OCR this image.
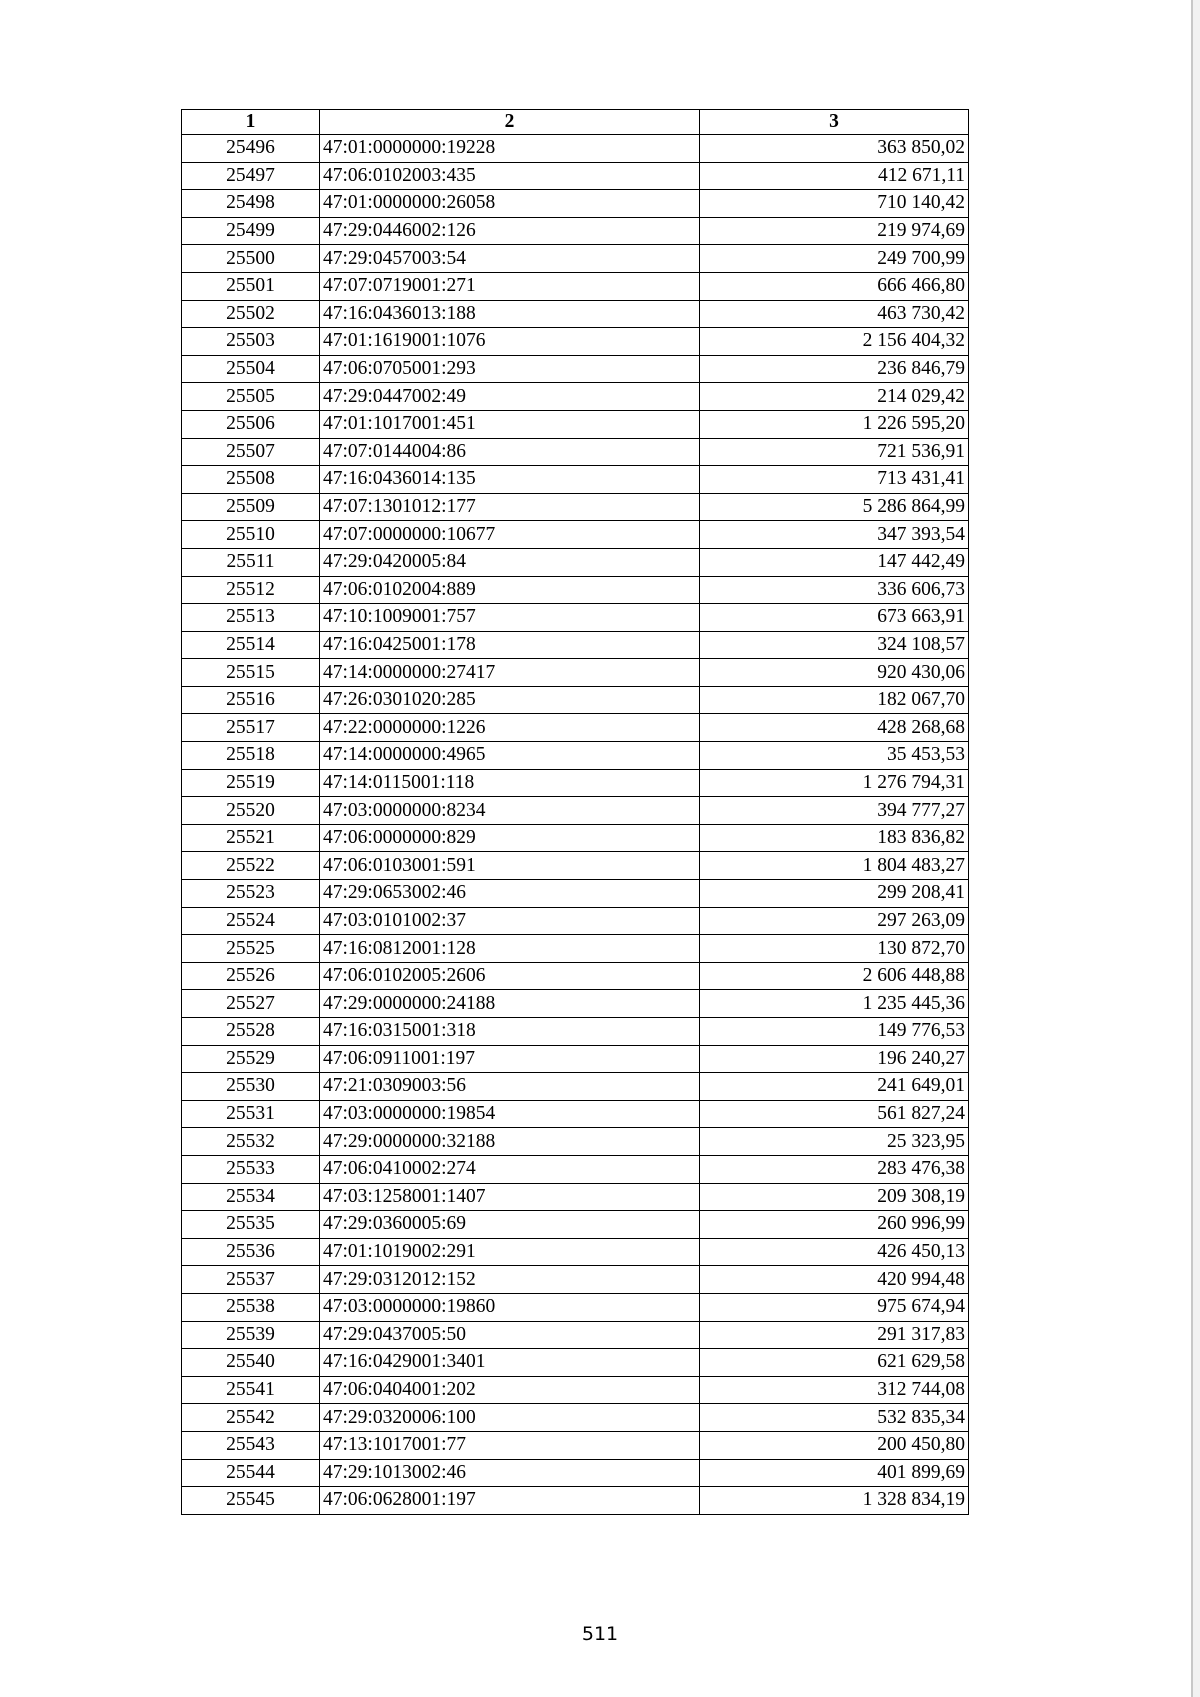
1	2	3
25496	47:01:0000000:19228	363 850,02
25497	47:06:0102003:435	412 671,11
25498	47:01:0000000:26058	710 140,42
25499	47:29:0446002:126	219 974,69
25500	47:29:0457003:54	249 700,99
25501	47:07:0719001:271	666 466,80
25502	47:16:0436013:188	463 730,42
25503	47:01:1619001:1076	2 156 404,32
25504	47:06:0705001:293	236 846,79
25505	47:29:0447002:49	214 029,42
25506	47:01:1017001:451	1 226 595,20
25507	47:07:0144004:86	721 536,91
25508	47:16:0436014:135	713 431,41
25509	47:07:1301012:177	5 286 864,99
25510	47:07:0000000:10677	347 393,54
25511	47:29:0420005:84	147 442,49
25512	47:06:0102004:889	336 606,73
25513	47:10:1009001:757	673 663,91
25514	47:16:0425001:178	324 108,57
25515	47:14:0000000:27417	920 430,06
25516	47:26:0301020:285	182 067,70
25517	47:22:0000000:1226	428 268,68
25518	47:14:0000000:4965	35 453,53
25519	47:14:0115001:118	1 276 794,31
25520	47:03:0000000:8234	394 777,27
25521	47:06:0000000:829	183 836,82
25522	47:06:0103001:591	1 804 483,27
25523	47:29:0653002:46	299 208,41
25524	47:03:0101002:37	297 263,09
25525	47:16:0812001:128	130 872,70
25526	47:06:0102005:2606	2 606 448,88
25527	47:29:0000000:24188	1 235 445,36
25528	47:16:0315001:318	149 776,53
25529	47:06:0911001:197	196 240,27
25530	47:21:0309003:56	241 649,01
25531	47:03:0000000:19854	561 827,24
25532	47:29:0000000:32188	25 323,95
25533	47:06:0410002:274	283 476,38
25534	47:03:1258001:1407	209 308,19
25535	47:29:0360005:69	260 996,99
25536	47:01:1019002:291	426 450,13
25537	47:29:0312012:152	420 994,48
25538	47:03:0000000:19860	975 674,94
25539	47:29:0437005:50	291 317,83
25540	47:16:0429001:3401	621 629,58
25541	47:06:0404001:202	312 744,08
25542	47:29:0320006:100	532 835,34
25543	47:13:1017001:77	200 450,80
25544	47:29:1013002:46	401 899,69
25545	47:06:0628001:197	1 328 834,19
511
